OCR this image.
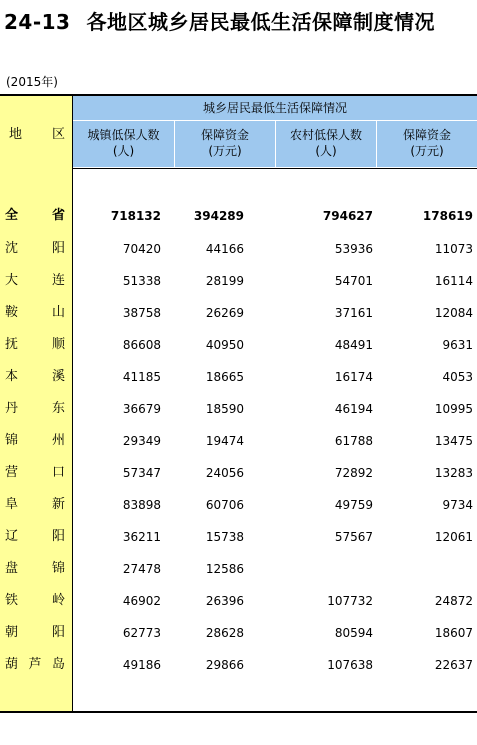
24-13 各地区城乡居民最低生活保障制度情况
(2015年)
城乡居民最低生活保障情况
城镇低保人数
(人)
保障资金
(万元)
农村低保人数
(人)
保障资金
(万元)
地 区
全	省	718132	394289	794627	178619
沈	阳	70420	44166	53936	11073
大	连	51338	28199	54701	16114
鞍	山	38758	26269	37161	12084
抚	顺	86608	40950	48491	9631
本	溪	41185	18665	16174	4053
丹	东	36679	18590	46194	10995
锦	州	29349	19474	61788	13475
营	口	57347	24056	72892	13283
阜	新	83898	60706	49759	9734
辽	阳	36211	15738	57567	12061
盘	锦	27478	12586
铁	岭	46902	26396	107732	24872
朝	阳	62773	28628	80594	18607
葫 芦 岛	49186	29866	107638	22637
